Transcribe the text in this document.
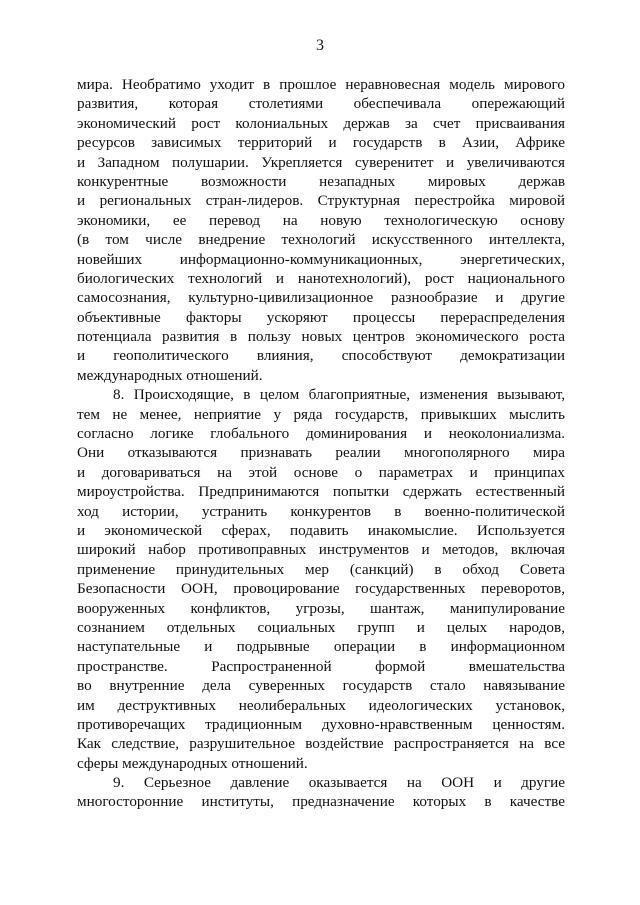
3
мира. Необратимо уходит в прошлое неравновесная модель мирового
развития, которая столетиями обеспечивала опережающий
экономический рост колониальных держав за счет присваивания
ресурсов зависимых территорий и государств в Азии, Африке
и Западном полушарии. Укрепляется суверенитет и увеличиваются
конкурентные возможности незападных мировых держав
и региональных стран-лидеров. Структурная перестройка мировой
экономики, ее перевод на новую технологическую основу
(в том числе внедрение технологий искусственного интеллекта,
новейших информационно-коммуникационных, энергетических,
биологических технологий и нанотехнологий), рост национального
самосознания, культурно-цивилизационное разнообразие и другие
объективные факторы ускоряют процессы перераспределения
потенциала развития в пользу новых центров экономического роста
и геополитического влияния, способствуют демократизации
международных отношений.
8. Происходящие, в целом благоприятные, изменения вызывают,
тем не менее, неприятие у ряда государств, привыкших мыслить
согласно логике глобального доминирования и неоколониализма.
Они отказываются признавать реалии многополярного мира
и договариваться на этой основе о параметрах и принципах
мироустройства. Предпринимаются попытки сдержать естественный
ход истории, устранить конкурентов в военно-политической
и экономической сферах, подавить инакомыслие. Используется
широкий набор противоправных инструментов и методов, включая
применение принудительных мер (санкций) в обход Совета
Безопасности ООН, провоцирование государственных переворотов,
вооруженных конфликтов, угрозы, шантаж, манипулирование
сознанием отдельных социальных групп и целых народов,
наступательные и подрывные операции в информационном
пространстве. Распространенной формой вмешательства
во внутренние дела суверенных государств стало навязывание
им деструктивных неолиберальных идеологических установок,
противоречащих традиционным духовно-нравственным ценностям.
Как следствие, разрушительное воздействие распространяется на все
сферы международных отношений.
9. Серьезное давление оказывается на ООН и другие
многосторонние институты, предназначение которых в качестве
